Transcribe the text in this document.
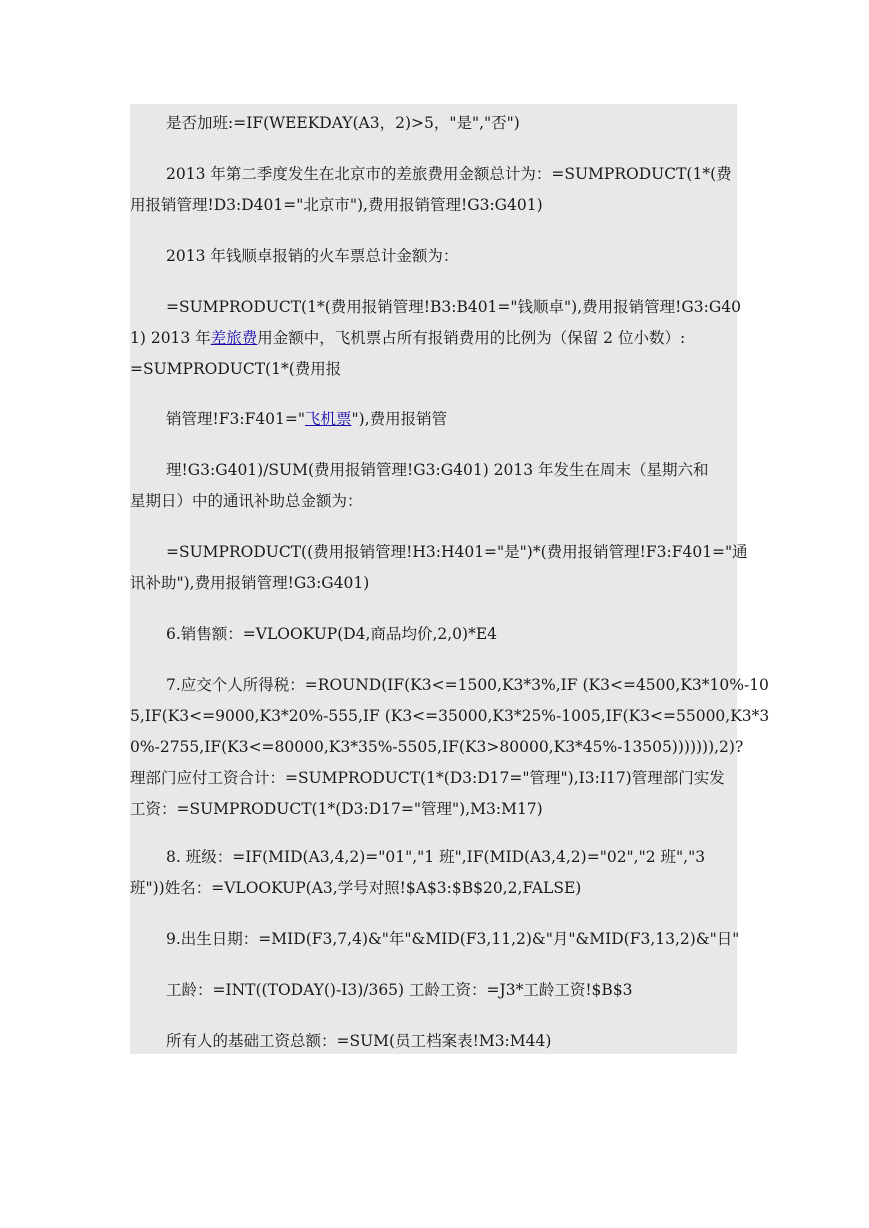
是否加班:=IF(WEEKDAY(A3，2)>5，"是","否")

2013 年第二季度发生在北京市的差旅费用金额总计为：=SUMPRODUCT(1*(费
用报销管理!D3:D401="北京市"),费用报销管理!G3:G401)

2013 年钱顺卓报销的火车票总计金额为：

=SUMPRODUCT(1*(费用报销管理!B3:B401="钱顺卓"),费用报销管理!G3:G40
1) 2013 年差旅费用金额中，飞机票占所有报销费用的比例为（保留 2 位小数）:
=SUMPRODUCT(1*(费用报

销管理!F3:F401="飞机票"),费用报销管

理!G3:G401)/SUM(费用报销管理!G3:G401) 2013 年发生在周末（星期六和
星期日）中的通讯补助总金额为：

=SUMPRODUCT((费用报销管理!H3:H401="是")*(费用报销管理!F3:F401="通
讯补助"),费用报销管理!G3:G401)

6.销售额：=VLOOKUP(D4,商品均价,2,0)*E4

7.应交个人所得税：=ROUND(IF(K3<=1500,K3*3%,IF (K3<=4500,K3*10%-10
5,IF(K3<=9000,K3*20%-555,IF (K3<=35000,K3*25%-1005,IF(K3<=55000,K3*3
0%-2755,IF(K3<=80000,K3*35%-5505,IF(K3>80000,K3*45%-13505))))))),2)?
理部门应付工资合计：=SUMPRODUCT(1*(D3:D17="管理"),I3:I17)管理部门实发
工资：=SUMPRODUCT(1*(D3:D17="管理"),M3:M17)

8. 班级：=IF(MID(A3,4,2)="01","1 班",IF(MID(A3,4,2)="02","2 班","3
班"))姓名：=VLOOKUP(A3,学号对照!$A$3:$B$20,2,FALSE)

9.出生日期：=MID(F3,7,4)&"年"&MID(F3,11,2)&"月"&MID(F3,13,2)&"日"

工龄：=INT((TODAY()-I3)/365) 工龄工资：=J3*工龄工资!$B$3

所有人的基础工资总额：=SUM(员工档案表!M3:M44)
